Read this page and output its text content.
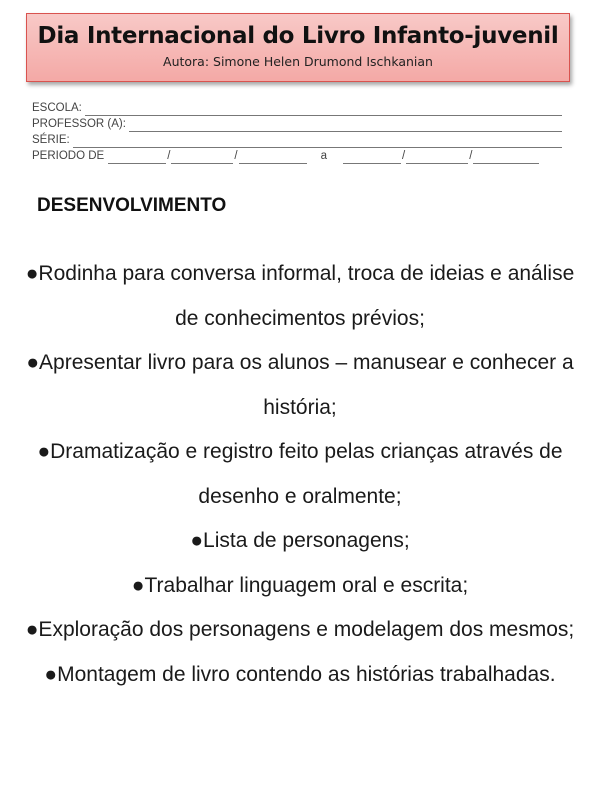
Dia Internacional do Livro Infanto-juvenil
Autora: Simone Helen Drumond Ischkanian
ESCOLA:
PROFESSOR (A):
SÉRIE:
PERIODO DE	/	/	a	/	/
DESENVOLVIMENTO
●Rodinha para conversa informal, troca de ideias e análise de conhecimentos prévios;
●Apresentar livro para os alunos – manusear e conhecer a história;
●Dramatização e registro feito pelas crianças através de desenho e oralmente;
●Lista de personagens;
●Trabalhar linguagem oral e escrita;
●Exploração dos personagens e modelagem dos mesmos;
●Montagem de livro contendo as histórias trabalhadas.
